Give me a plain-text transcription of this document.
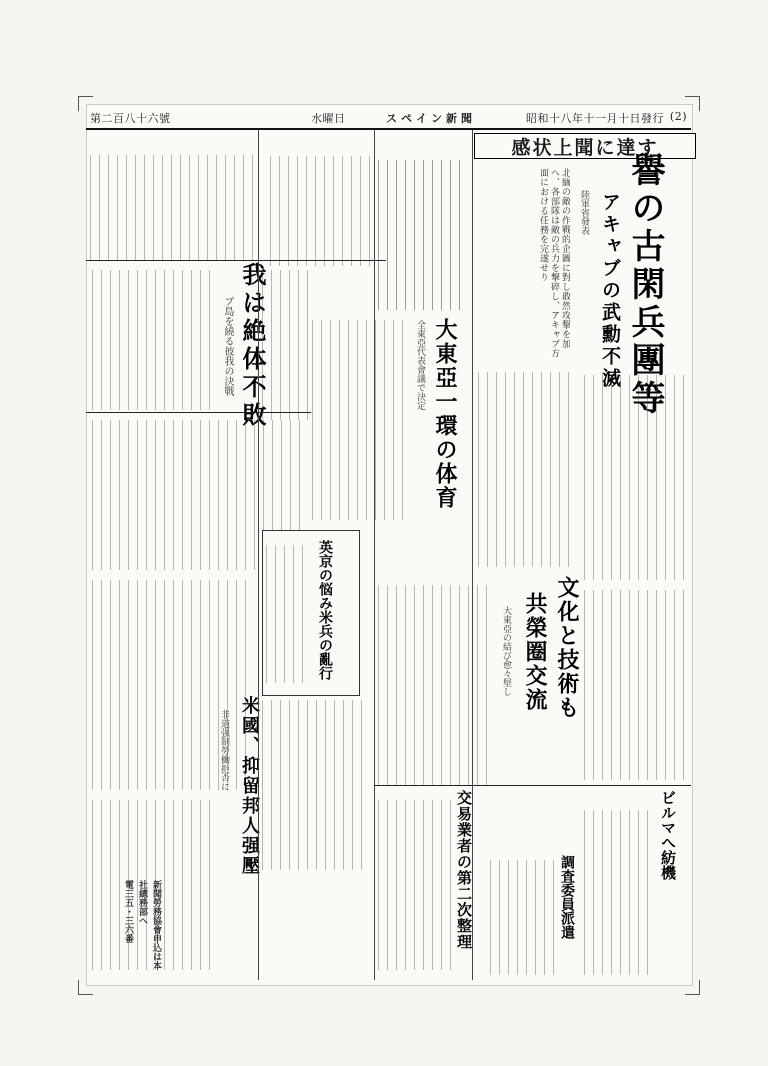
(2)
昭和十八年十一月十日發行
スペイン新聞
水曜日
第二百八十六號
感状上聞に達す
譽の古閑兵團等
アキャブの武勳不滅
陸軍省發表
北緬の敵の作戰的企圖に對し敢然攻撃を加へ、各部隊は敵の兵力を撃碎し、アキャブ方面における任務を完遂せり
大東亞一環の体育
全東亞代表會議で決定
我は絶体不敗
ブ島を繞る彼我の決戰
文化と技術も
共榮圈交流
大東亞の結び愈々堅し
英京の悩み米兵の亂行
米國、抑留邦人强壓
非道强制勞働拒否に
交易業者の第二次整理	ビルマへ紡機
調査委員派遣
新聞勞務協會申込は本
社總務部へ
電三五・三六番
